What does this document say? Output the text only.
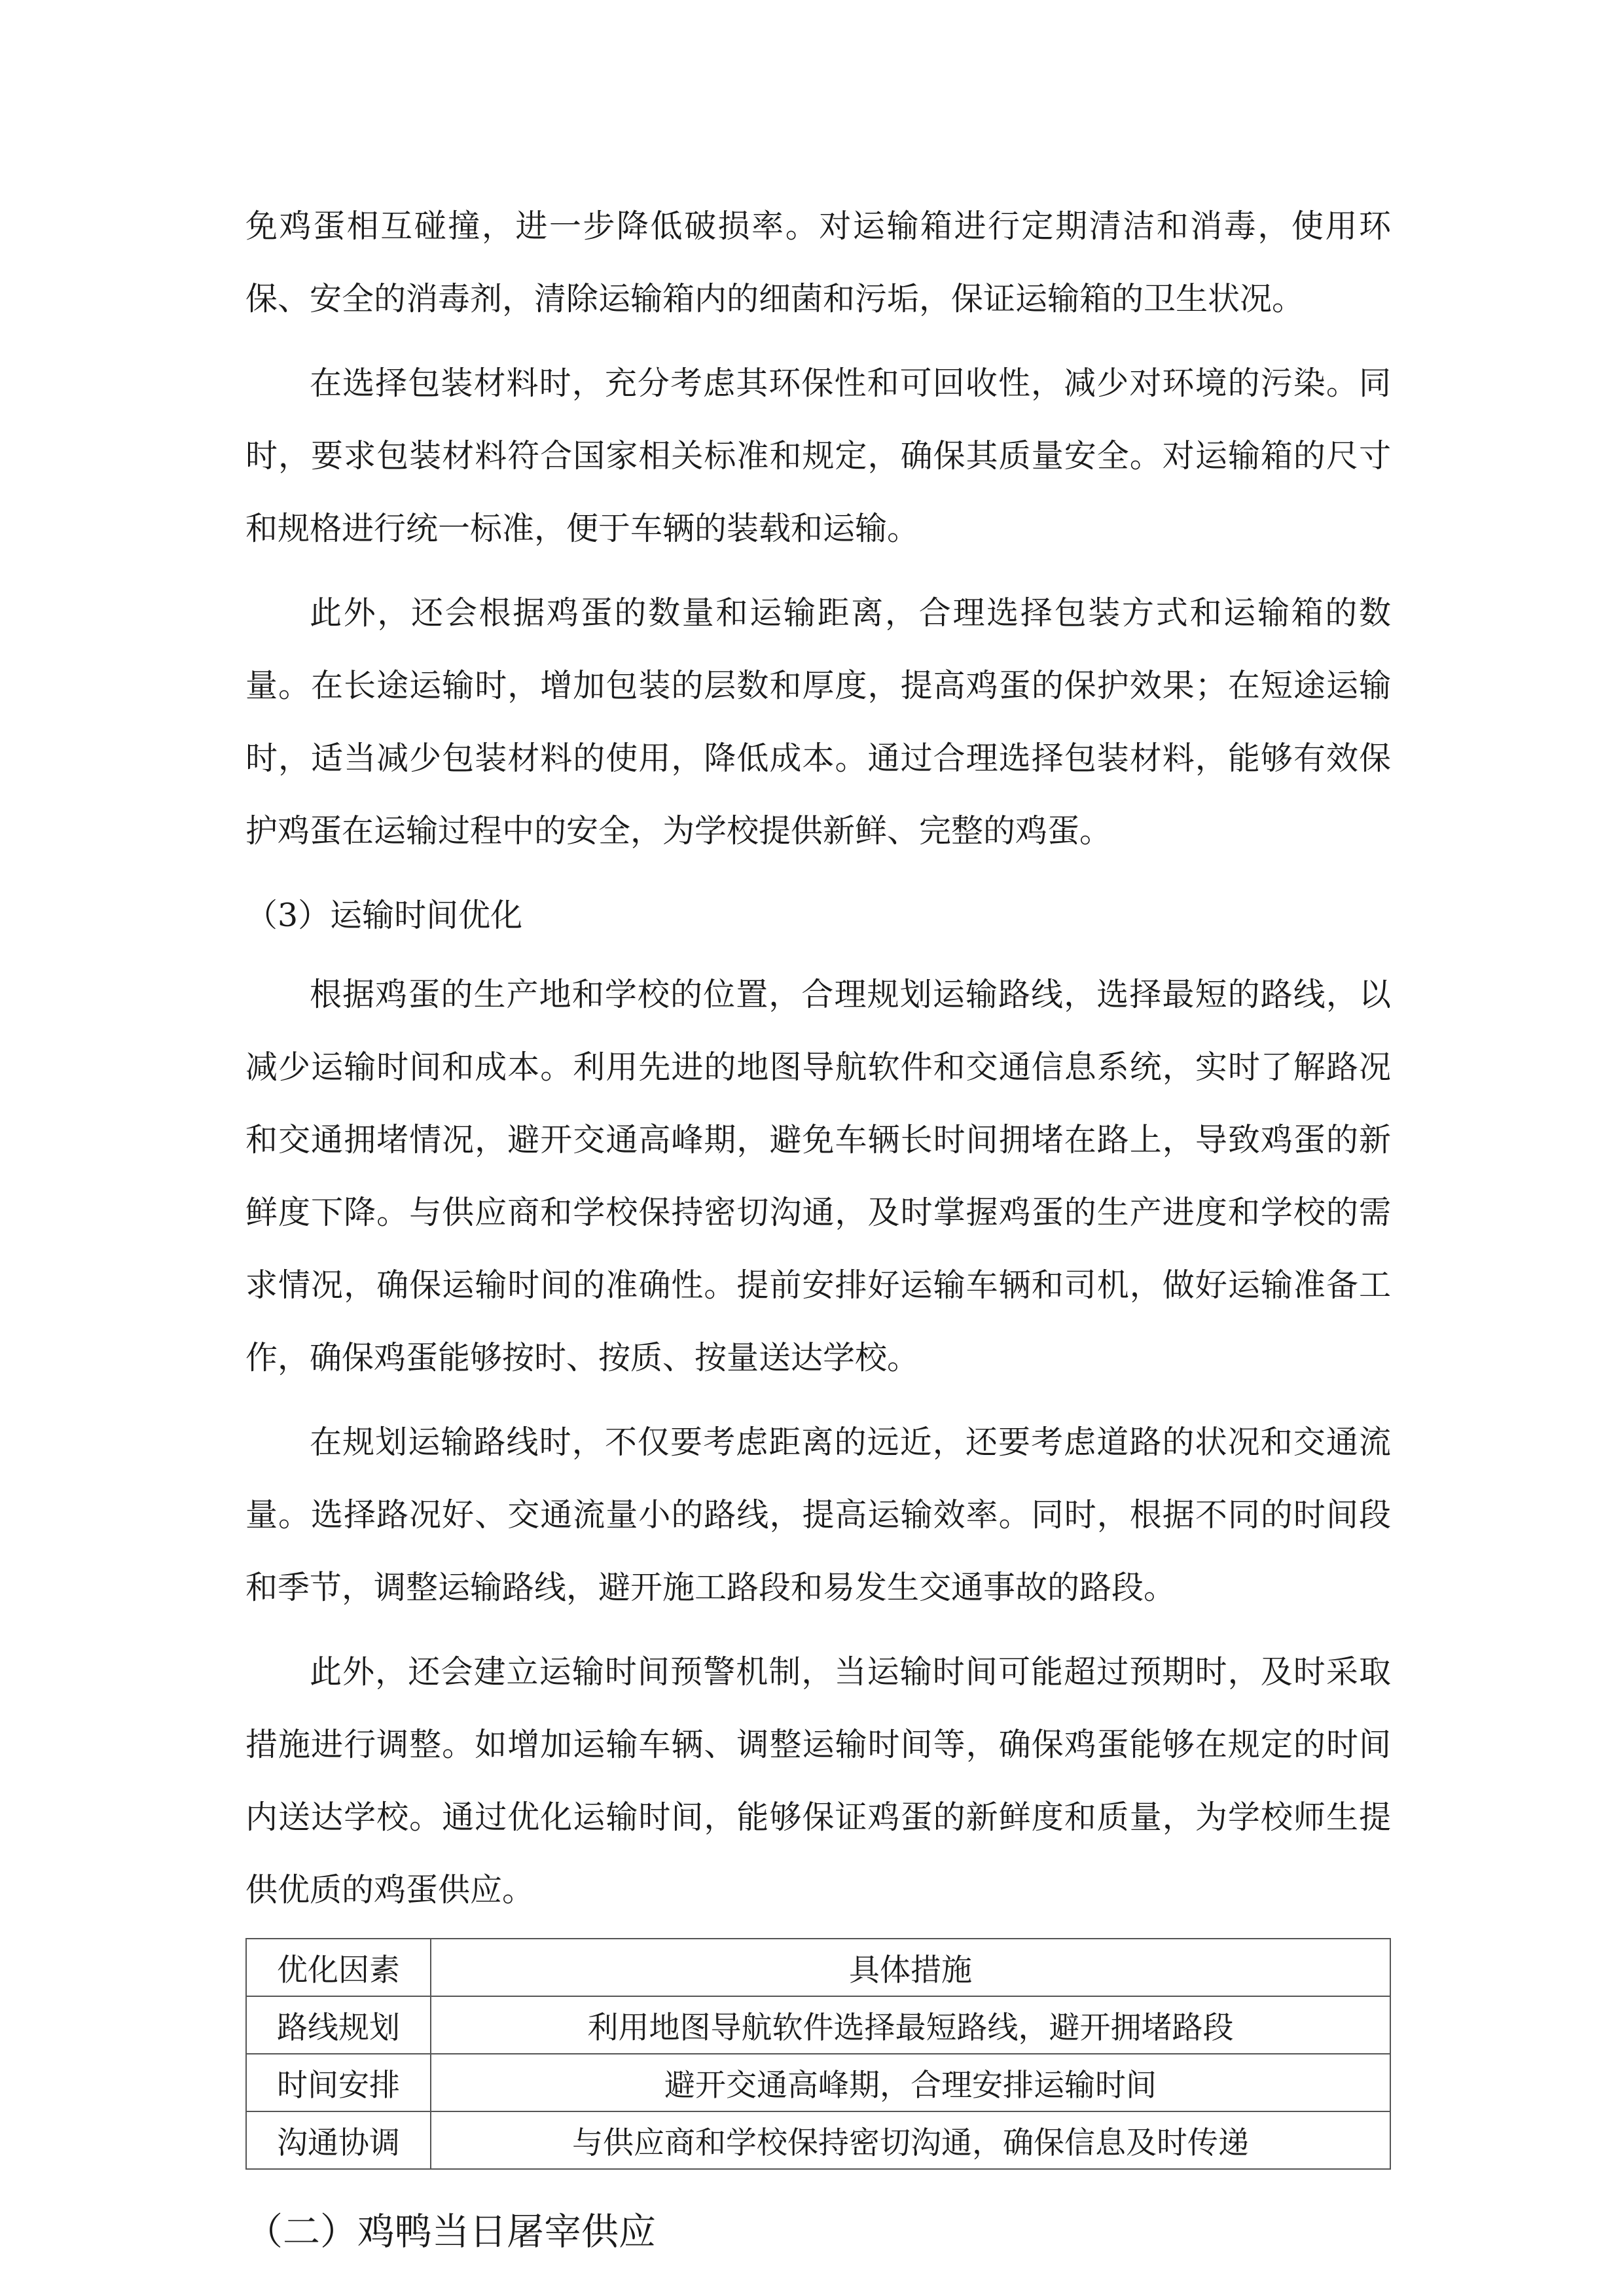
免鸡蛋相互碰撞，进一步降低破损率。对运输箱进行定期清洁和消毒，使用环保、安全的消毒剂，清除运输箱内的细菌和污垢，保证运输箱的卫生状况。

在选择包装材料时，充分考虑其环保性和可回收性，减少对环境的污染。同时，要求包装材料符合国家相关标准和规定，确保其质量安全。对运输箱的尺寸和规格进行统一标准，便于车辆的装载和运输。

此外，还会根据鸡蛋的数量和运输距离，合理选择包装方式和运输箱的数量。在长途运输时，增加包装的层数和厚度，提高鸡蛋的保护效果；在短途运输时，适当减少包装材料的使用，降低成本。通过合理选择包装材料，能够有效保护鸡蛋在运输过程中的安全，为学校提供新鲜、完整的鸡蛋。

（3）运输时间优化

根据鸡蛋的生产地和学校的位置，合理规划运输路线，选择最短的路线，以减少运输时间和成本。利用先进的地图导航软件和交通信息系统，实时了解路况和交通拥堵情况，避开交通高峰期，避免车辆长时间拥堵在路上，导致鸡蛋的新鲜度下降。与供应商和学校保持密切沟通，及时掌握鸡蛋的生产进度和学校的需求情况，确保运输时间的准确性。提前安排好运输车辆和司机，做好运输准备工作，确保鸡蛋能够按时、按质、按量送达学校。

在规划运输路线时，不仅要考虑距离的远近，还要考虑道路的状况和交通流量。选择路况好、交通流量小的路线，提高运输效率。同时，根据不同的时间段和季节，调整运输路线，避开施工路段和易发生交通事故的路段。

此外，还会建立运输时间预警机制，当运输时间可能超过预期时，及时采取措施进行调整。如增加运输车辆、调整运输时间等，确保鸡蛋能够在规定的时间内送达学校。通过优化运输时间，能够保证鸡蛋的新鲜度和质量，为学校师生提供优质的鸡蛋供应。

优化因素	具体措施
路线规划	利用地图导航软件选择最短路线，避开拥堵路段
时间安排	避开交通高峰期，合理安排运输时间
沟通协调	与供应商和学校保持密切沟通，确保信息及时传递

（二）鸡鸭当日屠宰供应
